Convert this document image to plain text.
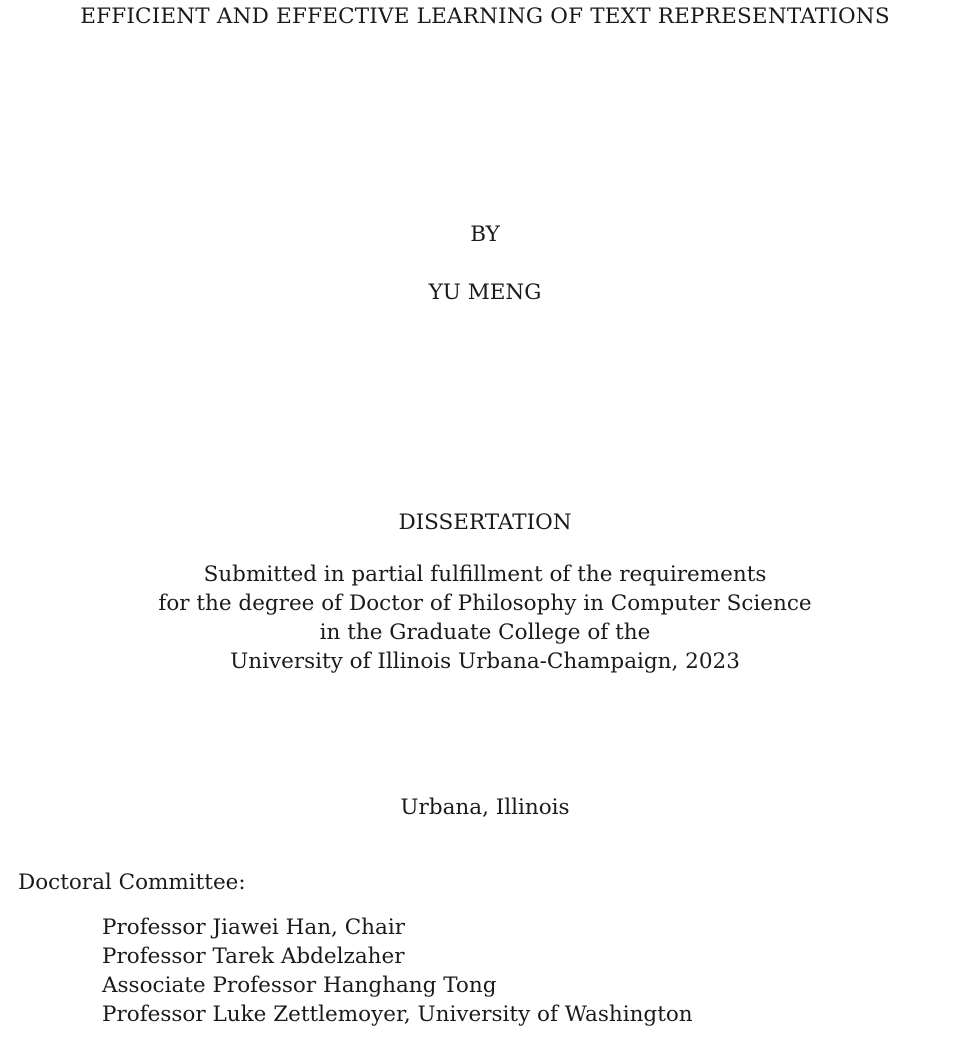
EFFICIENT AND EFFECTIVE LEARNING OF TEXT REPRESENTATIONS
BY
YU MENG
DISSERTATION
Submitted in partial fulfillment of the requirements
for the degree of Doctor of Philosophy in Computer Science
in the Graduate College of the
University of Illinois Urbana-Champaign, 2023
Urbana, Illinois
Doctoral Committee:
Professor Jiawei Han, Chair
Professor Tarek Abdelzaher
Associate Professor Hanghang Tong
Professor Luke Zettlemoyer, University of Washington
